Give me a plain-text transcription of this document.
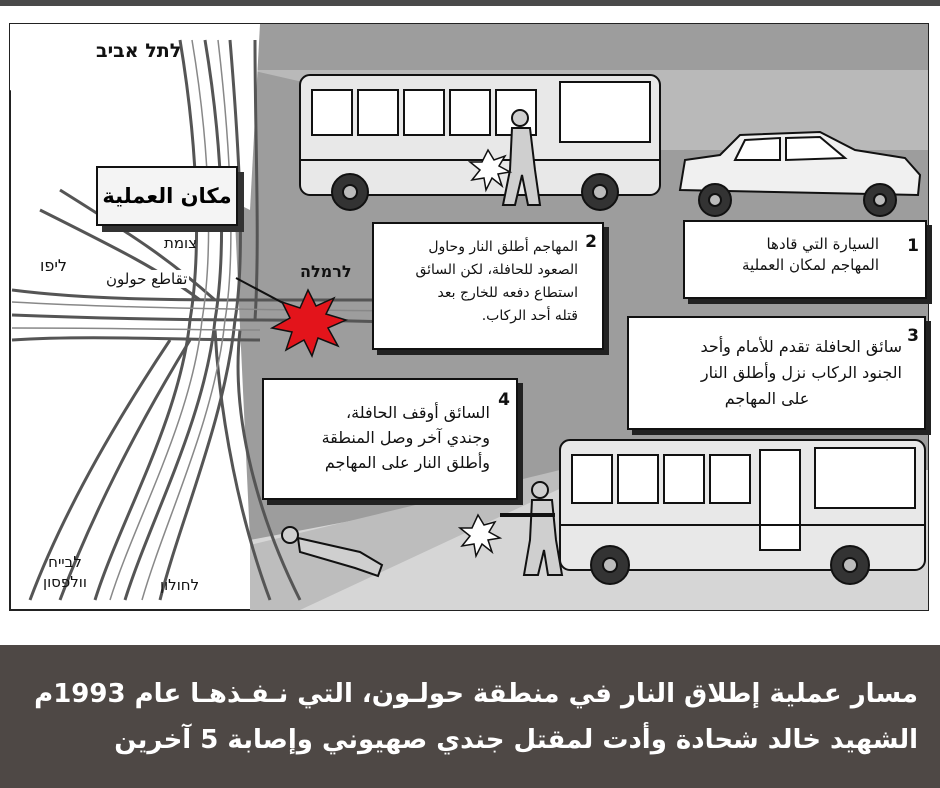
לתל אביב
ליפו
צומת
לרמלה
تقاطع حولون
לבייח וולפסון	לחולון
مكان العملية
1
السيارة التي قادها
المهاجم لمكان العملية
2
المهاجم أطلق النار وحاول
الصعود للحافلة، لكن السائق
استطاع دفعه للخارج بعد
قتله أحد الركاب.
3
سائق الحافلة تقدم للأمام وأحد
الجنود الركاب نزل وأطلق النار
على المهاجم
4
السائق أوقف الحافلة،
وجندي آخر وصل المنطقة
وأطلق النار على المهاجم
مسار عملية إطلاق النار في منطقة حولـون، التي نـفـذهـا عام 1993م
الشهيد خالد شحادة وأدت لمقتل جندي صهيوني وإصابة 5 آخرين
